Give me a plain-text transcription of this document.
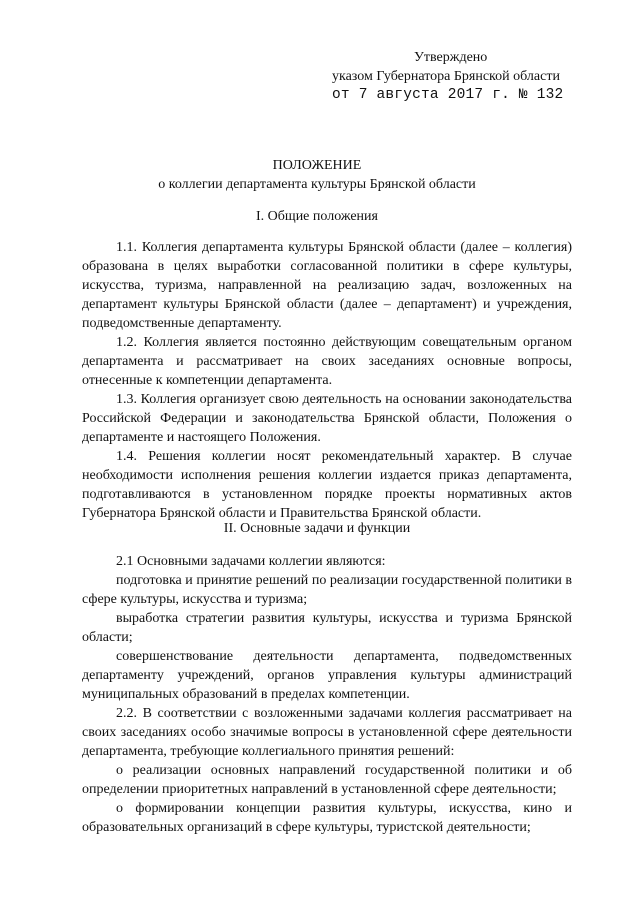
Утверждено
указом Губернатора Брянской области
от 7 августа 2017 г. № 132
ПОЛОЖЕНИЕ
о коллегии департамента культуры Брянской области
I. Общие положения

1.1. Коллегия департамента культуры Брянской области (далее – коллегия) образована в целях выработки согласованной политики в сфере культуры, искусства, туризма, направленной на реализацию задач, возложенных на департамент культуры Брянской области (далее – департамент) и учреждения, подведомственные департаменту.

1.2. Коллегия является постоянно действующим совещательным органом департамента и рассматривает на своих заседаниях основные вопросы, отнесенные к компетенции департамента.

1.3. Коллегия организует свою деятельность на основании законодательства Российской Федерации и законодательства Брянской области, Положения о департаменте и настоящего Положения.

1.4. Решения коллегии носят рекомендательный характер. В случае необходимости исполнения решения коллегии издается приказ департамента, подготавливаются в установленном порядке проекты нормативных актов Губернатора Брянской области и Правительства Брянской области.

II. Основные задачи и функции

2.1 Основными задачами коллегии являются:

подготовка и принятие решений по реализации государственной политики в сфере культуры, искусства и туризма;

выработка стратегии развития культуры, искусства и туризма Брянской области;

совершенствование деятельности департамента, подведомственных департаменту учреждений, органов управления культуры администраций муниципальных образований в пределах компетенции.

2.2. В соответствии с возложенными задачами коллегия рассматривает на своих заседаниях особо значимые вопросы в установленной сфере деятельности департамента, требующие коллегиального принятия решений:

о реализации основных направлений государственной политики и об определении приоритетных направлений в установленной сфере деятельности;

о формировании концепции развития культуры, искусства, кино и образовательных организаций в сфере культуры, туристской деятельности;
